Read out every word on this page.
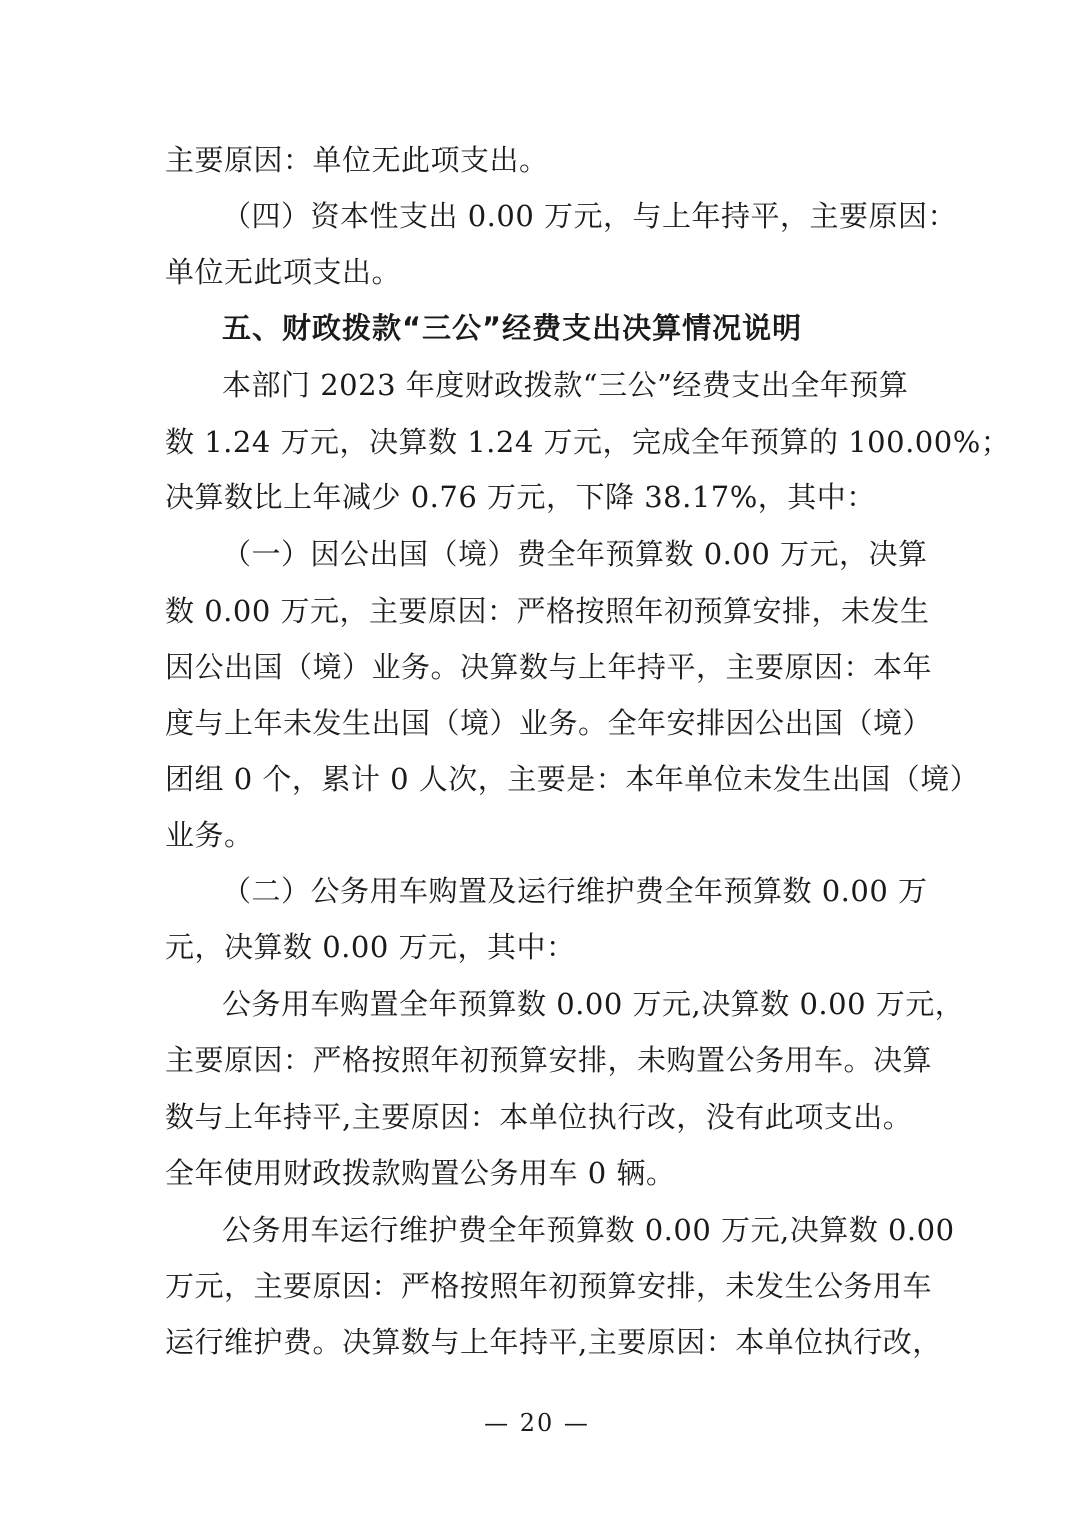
主要原因：单位无此项支出。
（四）资本性支出 0.00 万元，与上年持平，主要原因：
单位无此项支出。
五、财政拨款“三公”经费支出决算情况说明
本部门 2023 年度财政拨款“三公”经费支出全年预算
数 1.24 万元，决算数 1.24 万元，完成全年预算的 100.00%；
决算数比上年减少 0.76 万元，下降 38.17%，其中：
（一）因公出国（境）费全年预算数 0.00 万元，决算
数 0.00 万元，主要原因：严格按照年初预算安排，未发生
因公出国（境）业务。决算数与上年持平，主要原因：本年
度与上年未发生出国（境）业务。全年安排因公出国（境）
团组 0 个，累计 0 人次，主要是：本年单位未发生出国（境）
业务。
（二）公务用车购置及运行维护费全年预算数 0.00 万
元，决算数 0.00 万元，其中：
公务用车购置全年预算数 0.00 万元,决算数 0.00 万元，
主要原因：严格按照年初预算安排，未购置公务用车。决算
数与上年持平,主要原因：本单位执行改，没有此项支出。
全年使用财政拨款购置公务用车 0 辆。
公务用车运行维护费全年预算数 0.00 万元,决算数 0.00
万元，主要原因：严格按照年初预算安排，未发生公务用车
运行维护费。决算数与上年持平,主要原因：本单位执行改，
— 20 —
